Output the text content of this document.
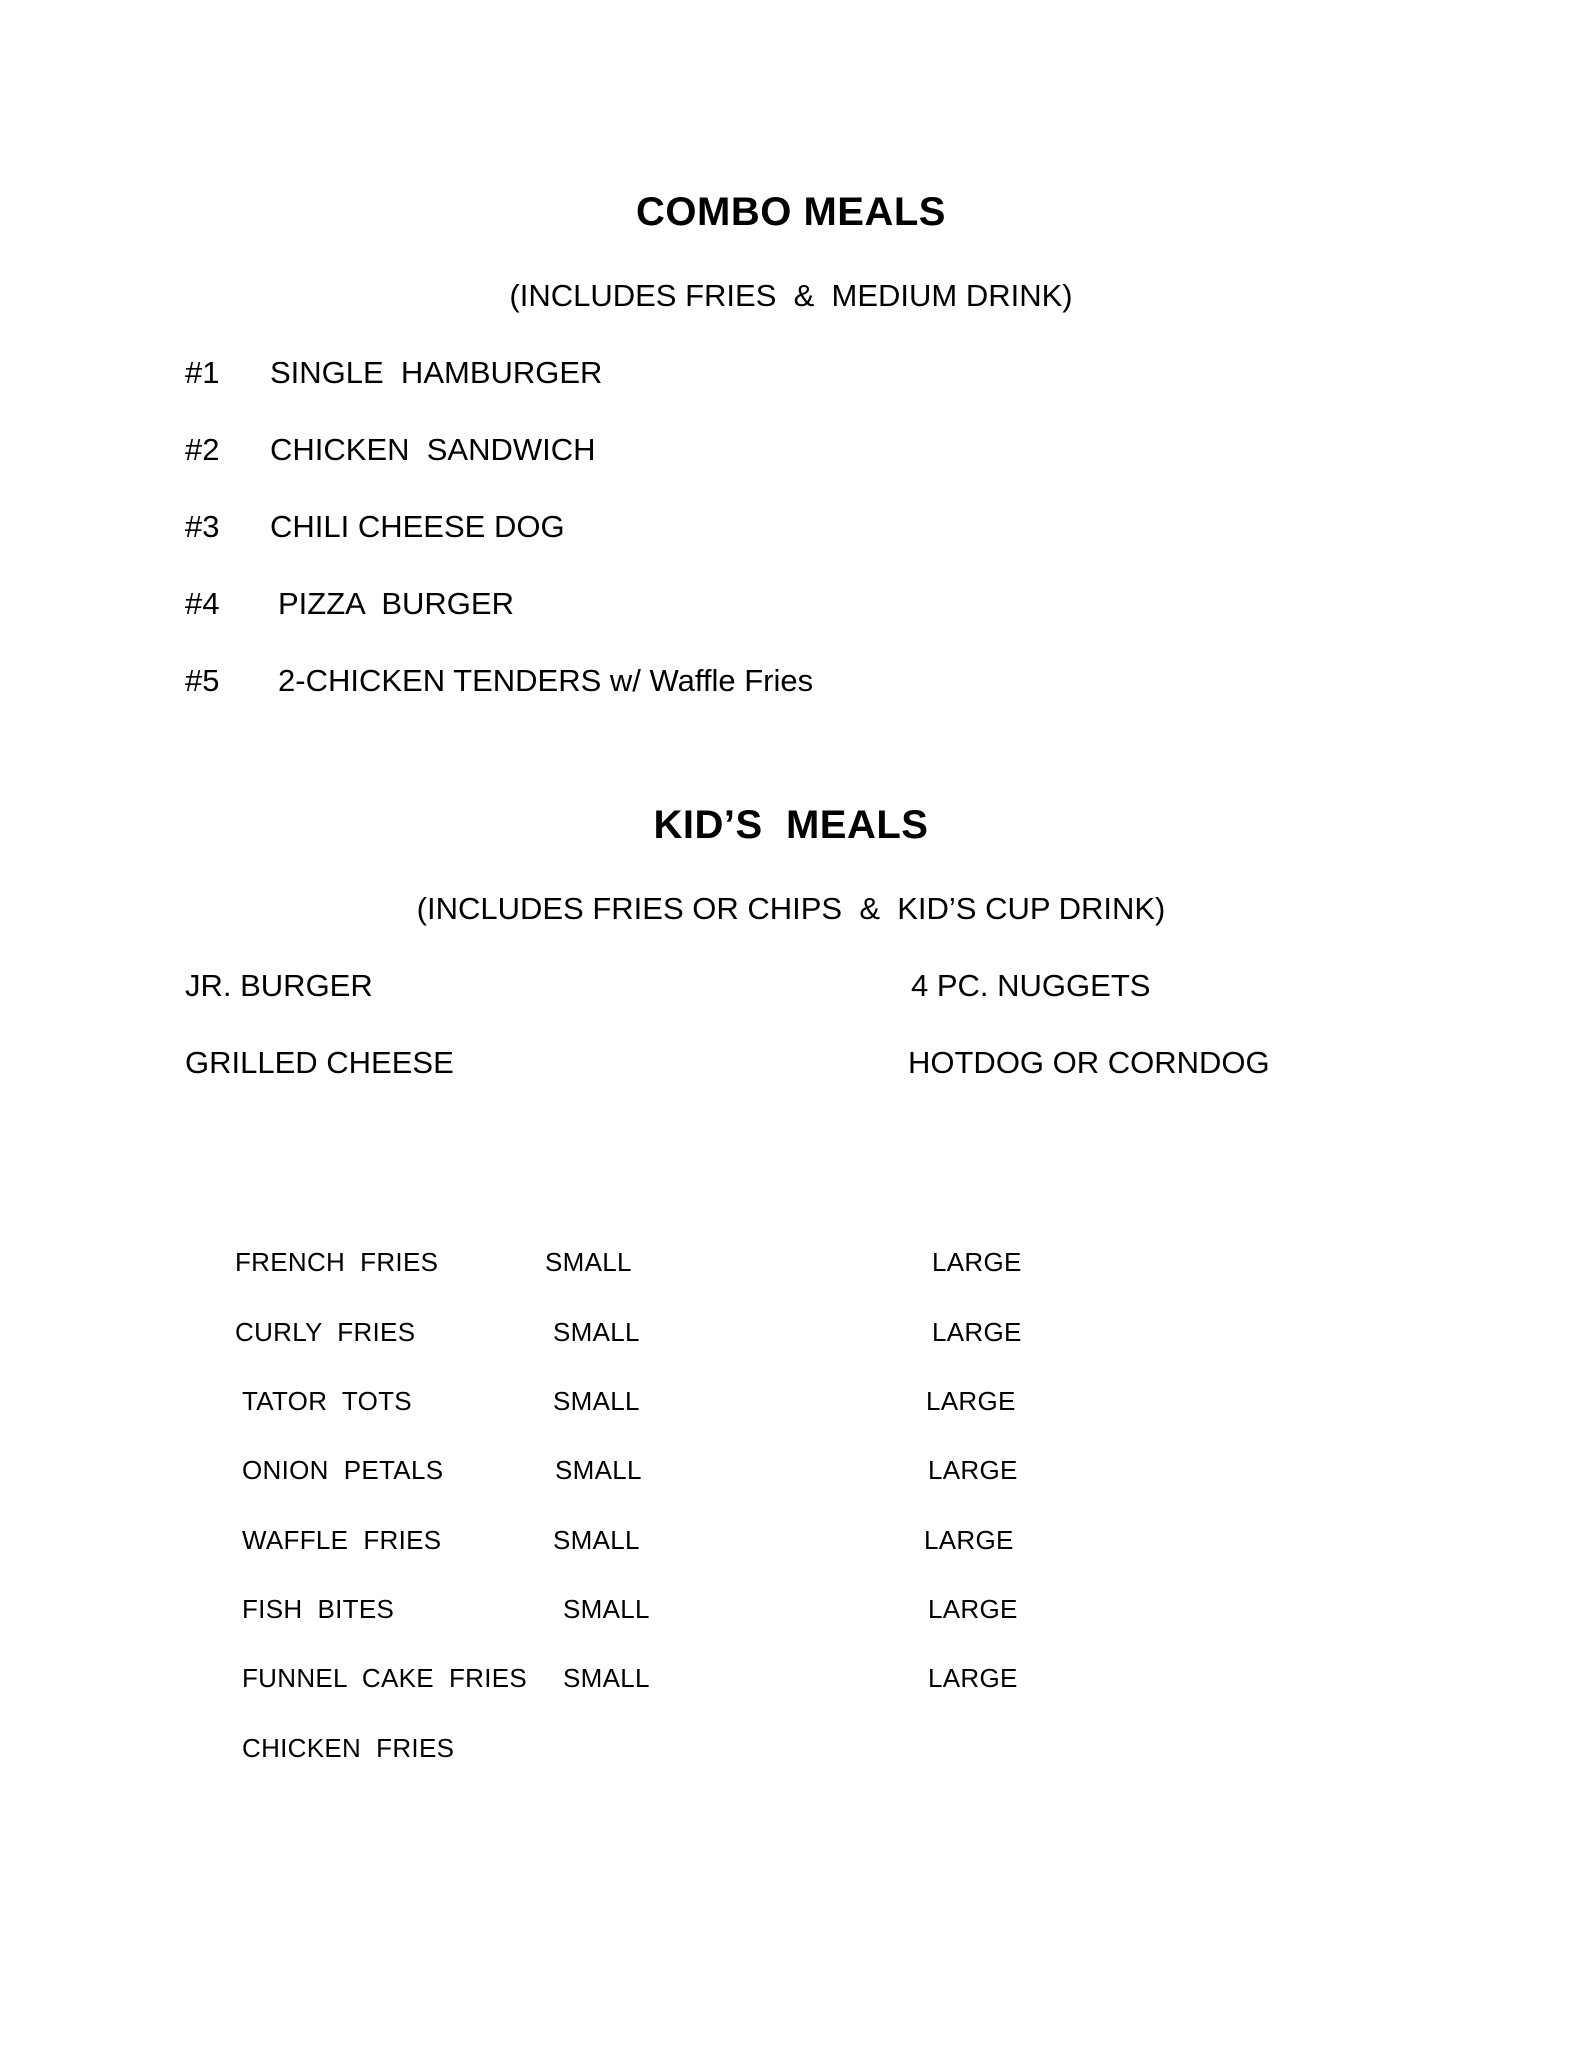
COMBO MEALS
(INCLUDES FRIES  &  MEDIUM DRINK)
#1 SINGLE  HAMBURGER
#2 CHICKEN  SANDWICH
#3 CHILI CHEESE DOG
#4 PIZZA  BURGER
#5 2-CHICKEN TENDERS w/ Waffle Fries
KID’S  MEALS
(INCLUDES FRIES OR CHIPS  &  KID’S CUP DRINK)
JR. BURGER	4 PC. NUGGETS
GRILLED CHEESE	HOTDOG OR CORNDOG
FRENCH  FRIES	SMALL	LARGE
CURLY  FRIES	SMALL	LARGE
TATOR  TOTS	SMALL	LARGE
ONION  PETALS	SMALL	LARGE
WAFFLE  FRIES	SMALL	LARGE
FISH  BITES	SMALL	LARGE
FUNNEL  CAKE  FRIES SMALL	LARGE
CHICKEN  FRIES
